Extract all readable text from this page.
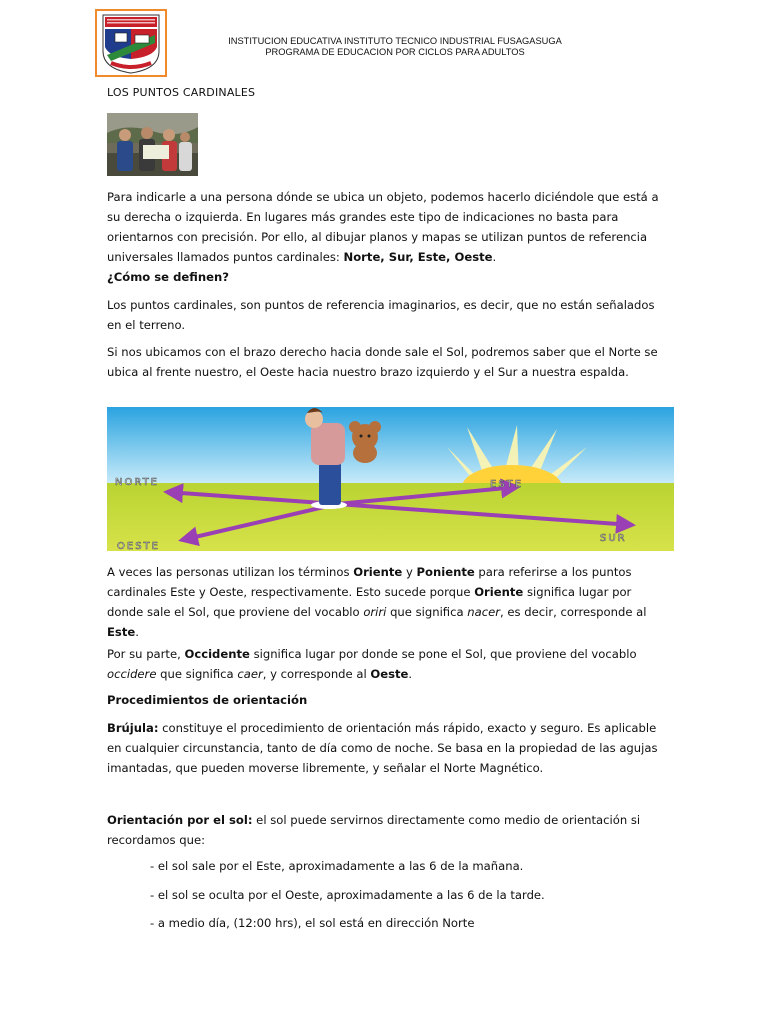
INSTITUCION EDUCATIVA INSTITUTO TECNICO INDUSTRIAL FUSAGASUGA
PROGRAMA DE EDUCACION POR CICLOS PARA ADULTOS
LOS PUNTOS CARDINALES

Para indicarle a una persona dónde se ubica un objeto, podemos hacerlo diciéndole que está a su derecha o izquierda. En lugares más grandes este tipo de indicaciones no basta para orientarnos con precisión. Por ello, al dibujar planos y mapas se utilizan puntos de referencia universales llamados puntos cardinales: Norte, Sur, Este, Oeste.

¿Cómo se definen?

Los puntos cardinales, son puntos de referencia imaginarios, es decir, que no están señalados en el terreno.

Si nos ubicamos con el brazo derecho hacia donde sale el Sol, podremos saber que el Norte se ubica al frente nuestro, el Oeste hacia nuestro brazo izquierdo y el Sur a nuestra espalda.

NORTE	ESTE
OESTE
SUR

A veces las personas utilizan los términos Oriente y Poniente para referirse a los puntos cardinales Este y Oeste, respectivamente. Esto sucede porque Oriente significa lugar por donde sale el Sol, que proviene del vocablo oriri que significa nacer, es decir, corresponde al Este.

Por su parte, Occidente significa lugar por donde se pone el Sol, que proviene del vocablo occidere que significa caer, y corresponde al Oeste.

Procedimientos de orientación

Brújula: constituye el procedimiento de orientación más rápido, exacto y seguro. Es aplicable en cualquier circunstancia, tanto de día como de noche. Se basa en la propiedad de las agujas imantadas, que pueden moverse libremente, y señalar el Norte Magnético.

Orientación por el sol: el sol puede servirnos directamente como medio de orientación si recordamos que:

- el sol sale por el Este, aproximadamente a las 6 de la mañana.
- el sol se oculta por el Oeste, aproximadamente a las 6 de la tarde.
- a medio día, (12:00 hrs), el sol está en dirección Norte
